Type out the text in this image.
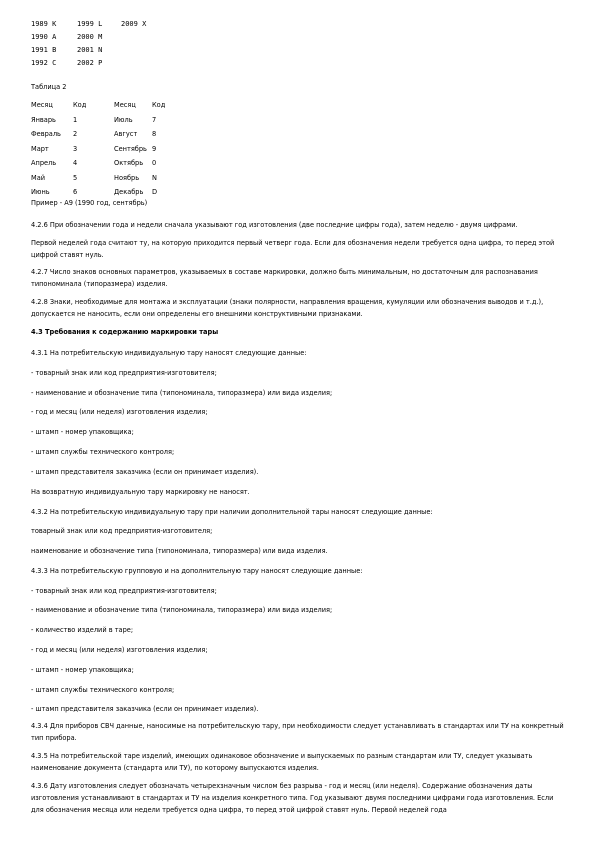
1989 К	1999 L	2009 Х
1990 А	2000 М
1991 В	2001 N
1992 С	2002 Р
Таблица 2
Месяц	Код	Месяц	Код
Январь	1	Июль	7
Февраль	2	Август	8
Март	3	Сентябрь	9
Апрель	4	Октябрь	0
Май	5	Ноябрь	N
Июнь	6	Декабрь	D
Пример - А9 (1990 год, сентябрь)
4.2.6 При обозначении года и недели сначала указывают год изготовления (две последние цифры года), затем неделю - двумя цифрами.
Первой неделей года считают ту, на которую приходится первый четверг года. Если для обозначения недели требуется одна цифра, то перед этой цифрой ставят нуль.
4.2.7 Число знаков основных параметров, указываемых в составе маркировки, должно быть минимальным, но достаточным для распознавания типономинала (типоразмера) изделия.
4.2.8 Знаки, необходимые для монтажа и эксплуатации (знаки полярности, направления вращения, кумуляции или обозначения выводов и т.д.), допускается не наносить, если они определены его внешними конструктивными признаками.
4.3 Требования к содержанию маркировки тары
4.3.1 На потребительскую индивидуальную тару наносят следующие данные:
- товарный знак или код предприятия-изготовителя;
- наименование и обозначение типа (типономинала, типоразмера) или вида изделия;
- год и месяц (или неделя) изготовления изделия;
- штамп - номер упаковщика;
- штамп службы технического контроля;
- штамп представителя заказчика (если он принимает изделия).
На возвратную индивидуальную тару маркировку не наносят.
4.3.2 На потребительскую индивидуальную тару при наличии дополнительной тары наносят следующие данные:
товарный знак или код предприятия-изготовителя;
наименование и обозначение типа (типономинала, типоразмера) или вида изделия.
4.3.3 На потребительскую групповую и на дополнительную тару наносят следующие данные:
- товарный знак или код предприятия-изготовителя;
- наименование и обозначение типа (типономинала, типоразмера) или вида изделия;
- количество изделий в таре;
- год и месяц (или неделя) изготовления изделия;
- штамп - номер упаковщика;
- штамп службы технического контроля;
- штамп представителя заказчика (если он принимает изделия).
4.3.4 Для приборов СВЧ данные, наносимые на потребительскую тару, при необходимости следует устанавливать в стандартах или ТУ на конкретный тип прибора.
4.3.5 На потребительской таре изделий, имеющих одинаковое обозначение и выпускаемых по разным стандартам или ТУ, следует указывать наименование документа (стандарта или ТУ), по которому выпускаются изделия.
4.3.6 Дату изготовления следует обозначать четырехзначным числом без разрыва - год и месяц (или неделя). Содержание обозначения даты изготовления устанавливают в стандартах и ТУ на изделия конкретного типа. Год указывают двумя последними цифрами года изготовления. Если для обозначения месяца или недели требуется одна цифра, то перед этой цифрой ставят нуль. Первой неделей года
